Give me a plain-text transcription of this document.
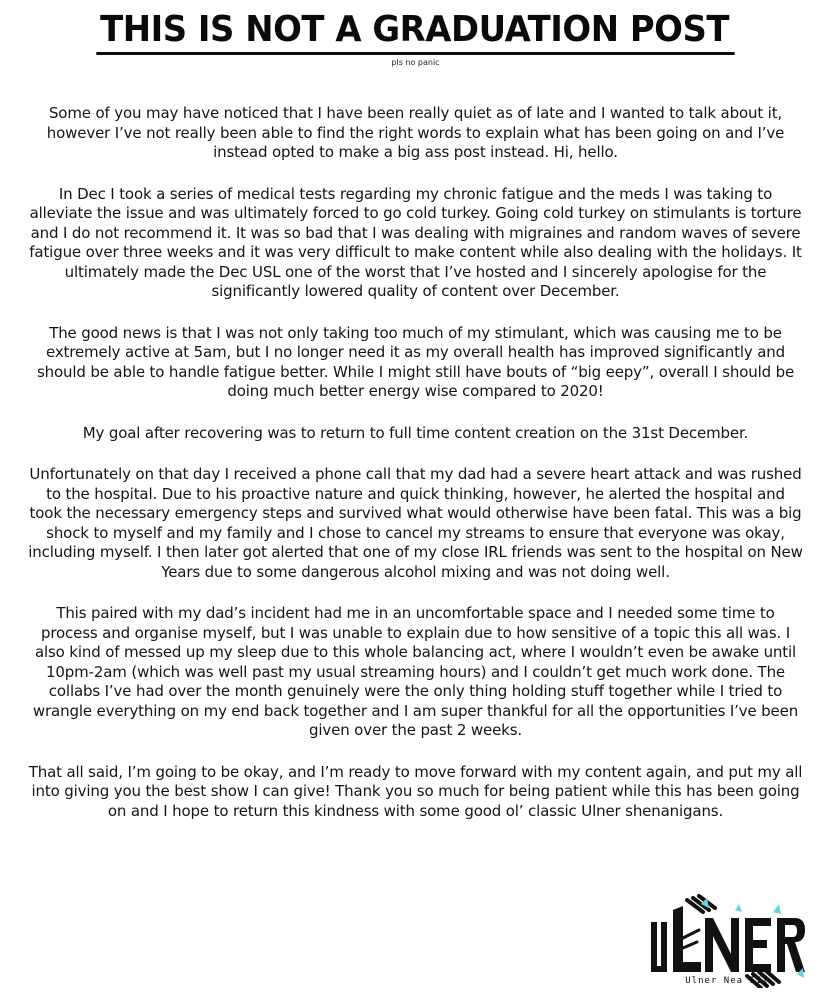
THIS IS NOT A GRADUATION POST
pls no panic

Some of you may have noticed that I have been really quiet as of late and I wanted to talk about it, however I’ve not really been able to find the right words to explain what has been going on and I’ve instead opted to make a big ass post instead. Hi, hello.

In Dec I took a series of medical tests regarding my chronic fatigue and the meds I was taking to alleviate the issue and was ultimately forced to go cold turkey. Going cold turkey on stimulants is torture and I do not recommend it. It was so bad that I was dealing with migraines and random waves of severe fatigue over three weeks and it was very difficult to make content while also dealing with the holidays. It ultimately made the Dec USL one of the worst that I’ve hosted and I sincerely apologise for the significantly lowered quality of content over December.

The good news is that I was not only taking too much of my stimulant, which was causing me to be extremely active at 5am, but I no longer need it as my overall health has improved significantly and should be able to handle fatigue better. While I might still have bouts of “big eepy”, overall I should be doing much better energy wise compared to 2020!

My goal after recovering was to return to full time content creation on the 31st December.

Unfortunately on that day I received a phone call that my dad had a severe heart attack and was rushed to the hospital. Due to his proactive nature and quick thinking, however, he alerted the hospital and took the necessary emergency steps and survived what would otherwise have been fatal. This was a big shock to myself and my family and I chose to cancel my streams to ensure that everyone was okay, including myself. I then later got alerted that one of my close IRL friends was sent to the hospital on New Years due to some dangerous alcohol mixing and was not doing well.

This paired with my dad’s incident had me in an uncomfortable space and I needed some time to process and organise myself, but I was unable to explain due to how sensitive of a topic this all was. I also kind of messed up my sleep due to this whole balancing act, where I wouldn’t even be awake until 10pm-2am (which was well past my usual streaming hours) and I couldn’t get much work done. The collabs I’ve had over the month genuinely were the only thing holding stuff together while I tried to wrangle everything on my end back together and I am super thankful for all the opportunities I’ve been given over the past 2 weeks.

That all said, I’m going to be okay, and I’m ready to move forward with my content again, and put my all into giving you the best show I can give! Thank you so much for being patient while this has been going on and I hope to return this kindness with some good ol’ classic Ulner shenanigans.

Ulner Nea III
